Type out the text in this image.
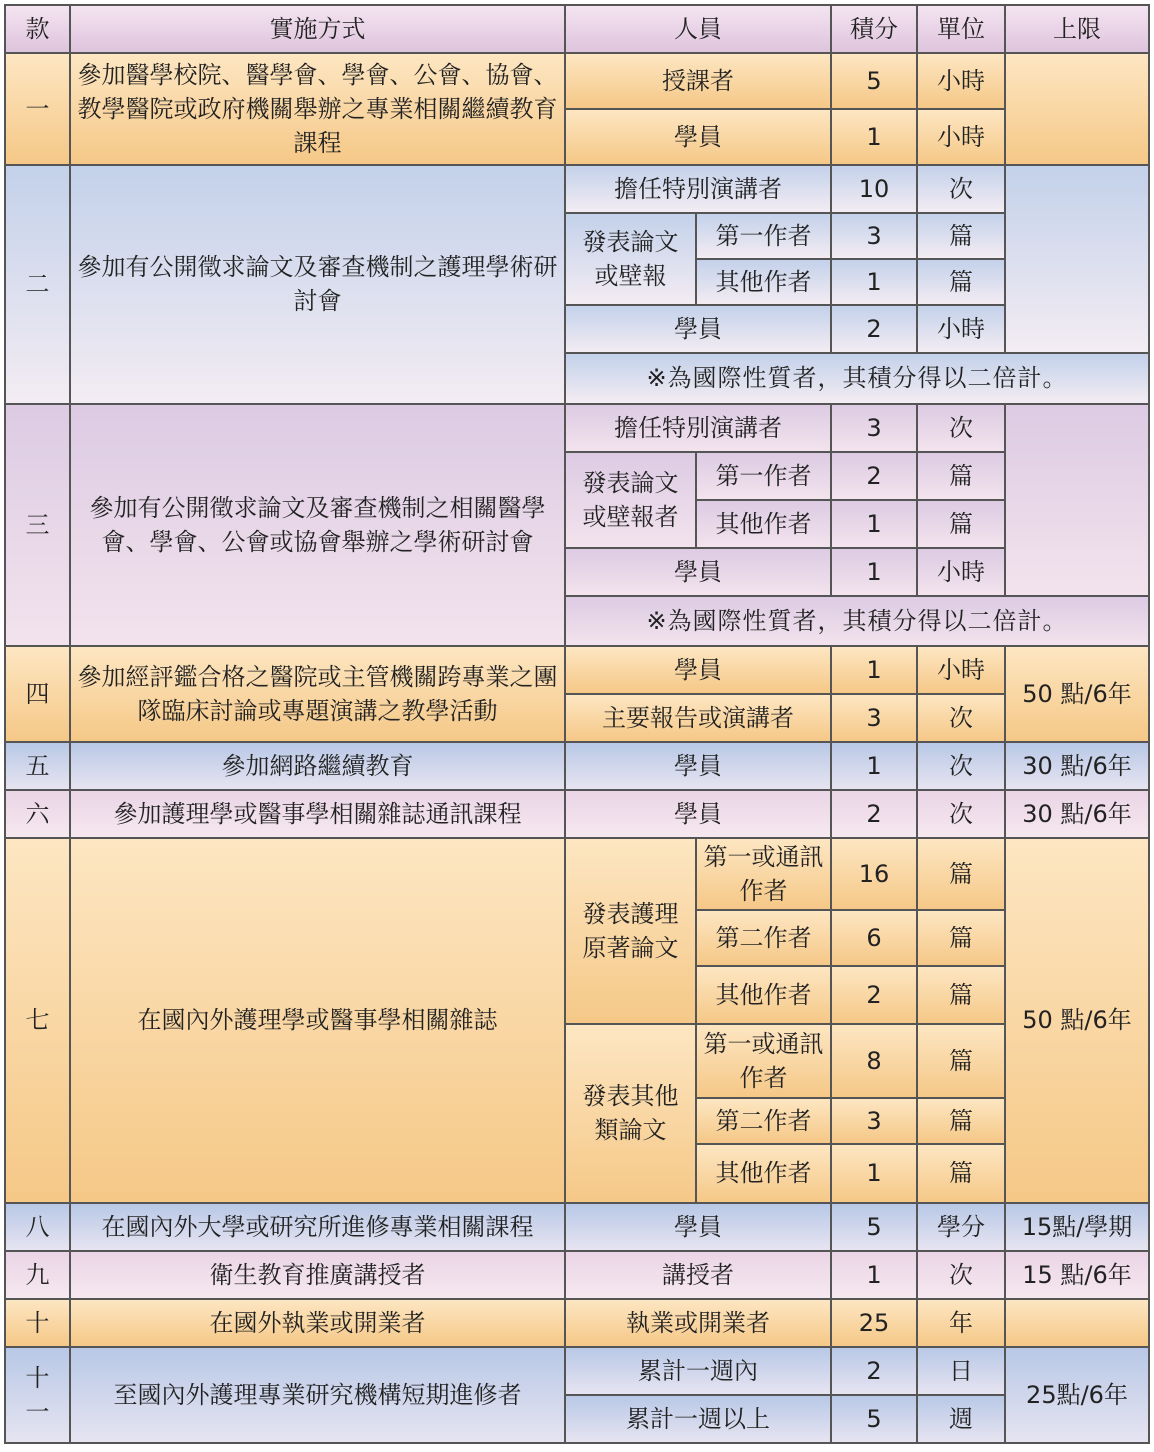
款	實施方式	人員		積分	單位	上限
一	參加醫學校院、醫學會、學會、公會、協會、教學醫院或政府機關舉辦之專業相關繼續教育課程	授課者		5	小時	
		學員		1	小時	
二	參加有公開徵求論文及審查機制之護理學術研討會	擔任特別演講者		10	次	
		發表論文或壁報	第一作者	3	篇	
			其他作者	1	篇	
		學員		2	小時	
		※為國際性質者，其積分得以二倍計。				
三	參加有公開徵求論文及審查機制之相關醫學會、學會、公會或協會舉辦之學術研討會	擔任特別演講者		3	次	
		發表論文或壁報者	第一作者	2	篇	
			其他作者	1	篇	
		學員		1	小時	
		※為國際性質者，其積分得以二倍計。				
四	參加經評鑑合格之醫院或主管機關跨專業之團隊臨床討論或專題演講之教學活動	學員		1	小時	50 點/6年
		主要報告或演講者		3	次	
五	參加網路繼續教育	學員		1	次	30 點/6年
六	參加護理學或醫事學相關雜誌通訊課程	學員		2	次	30 點/6年
七	在國內外護理學或醫事學相關雜誌	發表護理原著論文	第一或通訊作者	16	篇	50 點/6年
			第二作者	6	篇	
			其他作者	2	篇	
		發表其他類論文	第一或通訊作者	8	篇	
			第二作者	3	篇	
			其他作者	1	篇	
八	在國內外大學或研究所進修專業相關課程	學員		5	學分	15點/學期
九	衛生教育推廣講授者	講授者		1	次	15 點/6年
十	在國外執業或開業者	執業或開業者		25	年	
十一	至國內外護理專業研究機構短期進修者	累計一週內		2	日	25點/6年
		累計一週以上		5	週	
